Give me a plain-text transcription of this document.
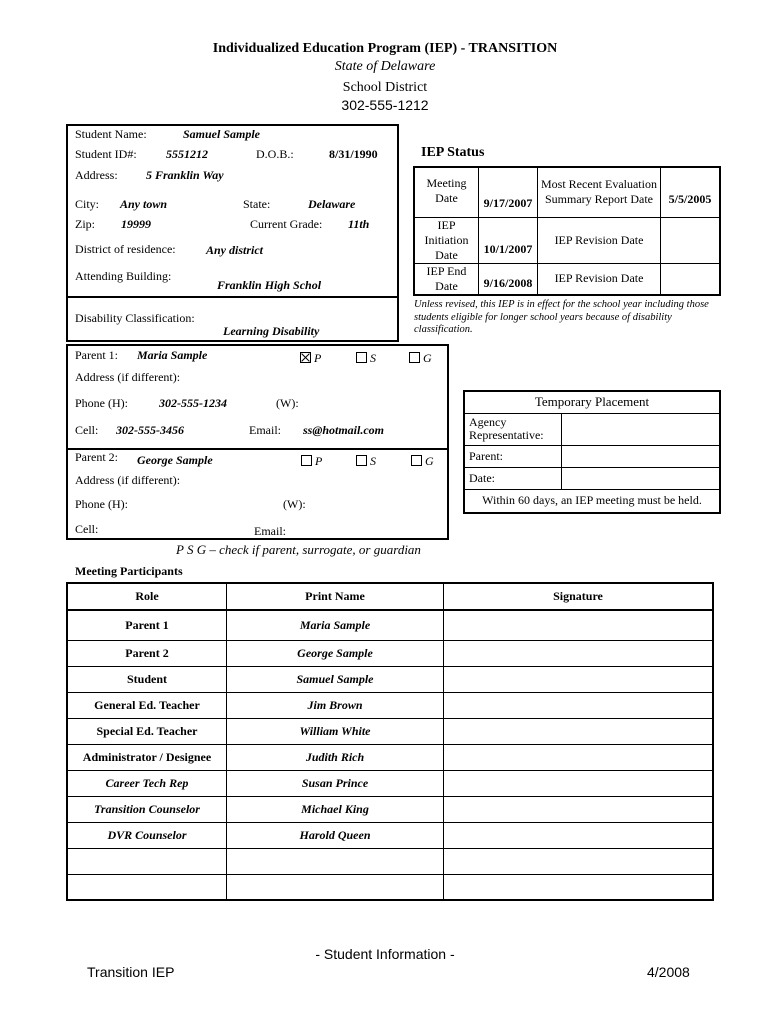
Individualized Education Program (IEP) - TRANSITION
State of Delaware
School District
302-555-1212
Student Name:	Samuel Sample
Student ID#: 5551212	D.O.B.:	8/31/1990
Address: 5 Franklin Way
City: Any town	State:	Delaware
Zip: 19999	Current Grade: 11th
District of residence:	Any district
Attending Building:
Franklin High Schol
Disability Classification:
Learning Disability
IEP Status
Meeting Date	9/17/2007	Most Recent Evaluation Summary Report Date	5/5/2005
IEP Initiation Date	10/1/2007	IEP Revision Date	
IEP End Date	9/16/2008	IEP Revision Date	
Unless revised, this IEP is in effect for the school year including those students eligible for longer school years because of disability classification.
Parent 1: Maria Sample	P	S	G
Address (if different):
Phone (H):	302-555-1234	(W):
Cell: 302-555-3456	Email: ss@hotmail.com
Parent 2: George Sample	P	S	G
Address (if different):
Phone (H):	(W):
Cell:	Email:
P S G – check if parent, surrogate, or guardian
Temporary Placement	
Agency Representative:	
Parent:	
Date:	
Within 60 days, an IEP meeting must be held.	
Meeting Participants
Role	Print Name	Signature
Parent 1	Maria Sample	
Parent 2	George Sample	
Student	Samuel Sample	
General Ed. Teacher	Jim Brown	
Special Ed. Teacher	William White	
Administrator / Designee	Judith Rich	
Career Tech Rep	Susan Prince	
Transition Counselor	Michael King	
DVR Counselor	Harold Queen	

- Student Information -
Transition IEP	4/2008
